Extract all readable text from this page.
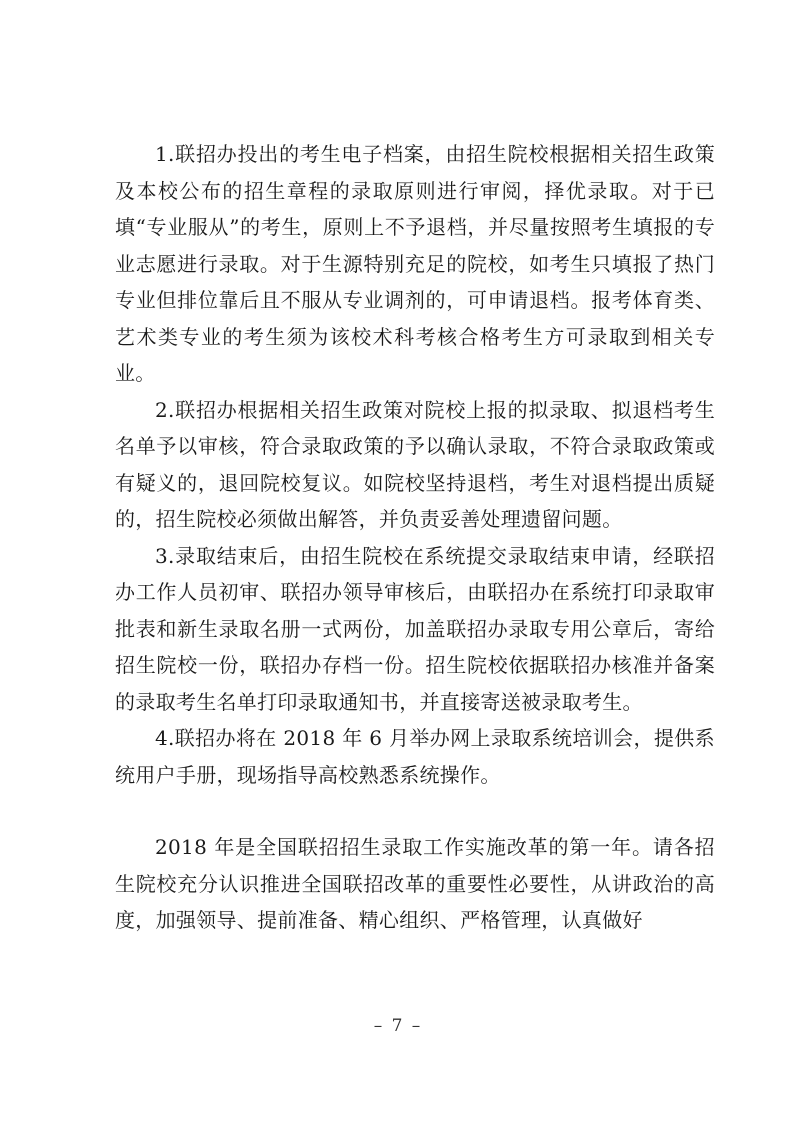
1.联招办投出的考生电子档案，由招生院校根据相关招生政策及本校公布的招生章程的录取原则进行审阅，择优录取。对于已填“专业服从”的考生，原则上不予退档，并尽量按照考生填报的专业志愿进行录取。对于生源特别充足的院校，如考生只填报了热门专业但排位靠后且不服从专业调剂的，可申请退档。报考体育类、艺术类专业的考生须为该校术科考核合格考生方可录取到相关专业。

2.联招办根据相关招生政策对院校上报的拟录取、拟退档考生名单予以审核，符合录取政策的予以确认录取，不符合录取政策或有疑义的，退回院校复议。如院校坚持退档，考生对退档提出质疑的，招生院校必须做出解答，并负责妥善处理遗留问题。

3.录取结束后，由招生院校在系统提交录取结束申请，经联招办工作人员初审、联招办领导审核后，由联招办在系统打印录取审批表和新生录取名册一式两份，加盖联招办录取专用公章后，寄给招生院校一份，联招办存档一份。招生院校依据联招办核准并备案的录取考生名单打印录取通知书，并直接寄送被录取考生。

4.联招办将在 2018 年 6 月举办网上录取系统培训会，提供系统用户手册，现场指导高校熟悉系统操作。

2018 年是全国联招招生录取工作实施改革的第一年。请各招生院校充分认识推进全国联招改革的重要性必要性，从讲政治的高度，加强领导、提前准备、精心组织、严格管理，认真做好

– 7 –
